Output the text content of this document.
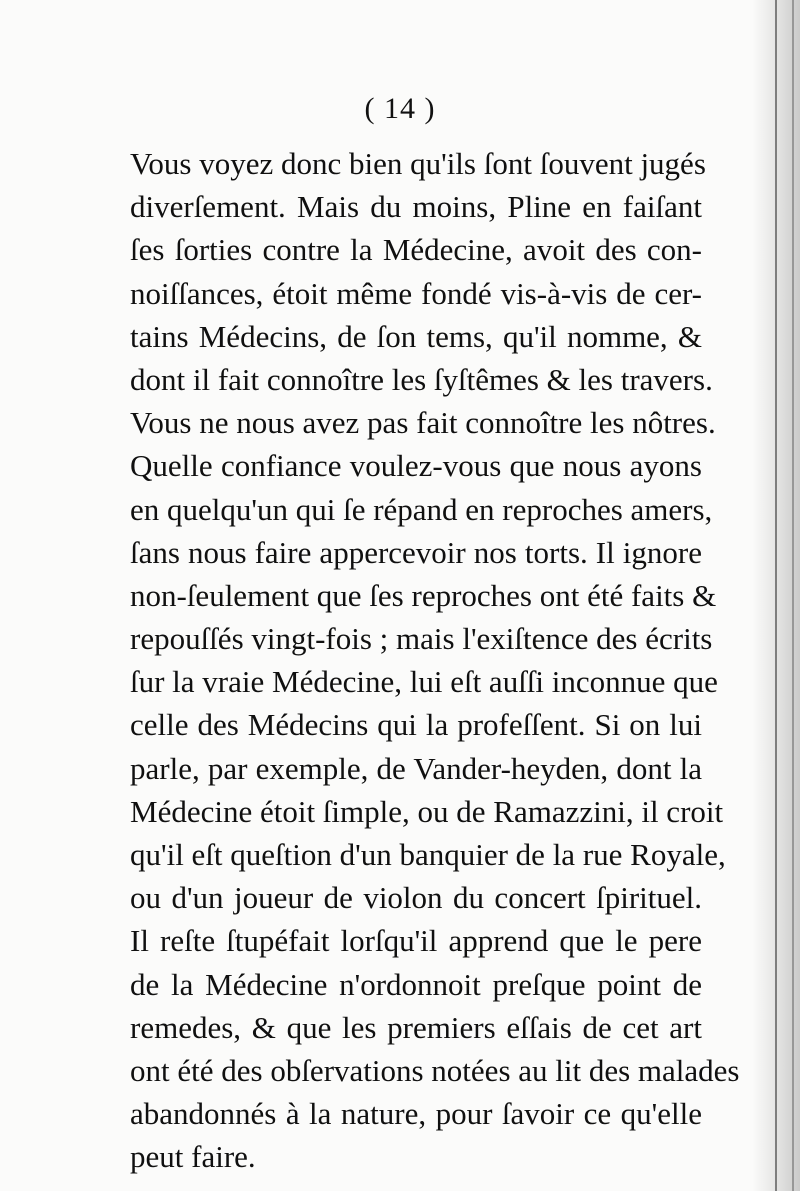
( 14 )
Vous voyez donc bien qu'ils ſont ſouvent jugés
diverſement. Mais du moins, Pline en faiſant
ſes ſorties contre la Médecine, avoit des con-
noiſſances, étoit même fondé vis-à-vis de cer-
tains Médecins, de ſon tems, qu'il nomme, &
dont il fait connoître les ſyſtêmes & les travers.
Vous ne nous avez pas fait connoître les nôtres.
Quelle confiance voulez-vous que nous ayons
en quelqu'un qui ſe répand en reproches amers,
ſans nous faire appercevoir nos torts. Il ignore
non-ſeulement que ſes reproches ont été faits &
repouſſés vingt-fois ; mais l'exiſtence des écrits
ſur la vraie Médecine, lui eſt auſſi inconnue que
celle des Médecins qui la profeſſent. Si on lui
parle, par exemple, de Vander-heyden, dont la
Médecine étoit ſimple, ou de Ramazzini, il croit
qu'il eſt queſtion d'un banquier de la rue Royale,
ou d'un joueur de violon du concert ſpirituel.
Il reſte ſtupéfait lorſqu'il apprend que le pere
de la Médecine n'ordonnoit preſque point de
remedes, & que les premiers eſſais de cet art
ont été des obſervations notées au lit des malades
abandonnés à la nature, pour ſavoir ce qu'elle
peut faire.
